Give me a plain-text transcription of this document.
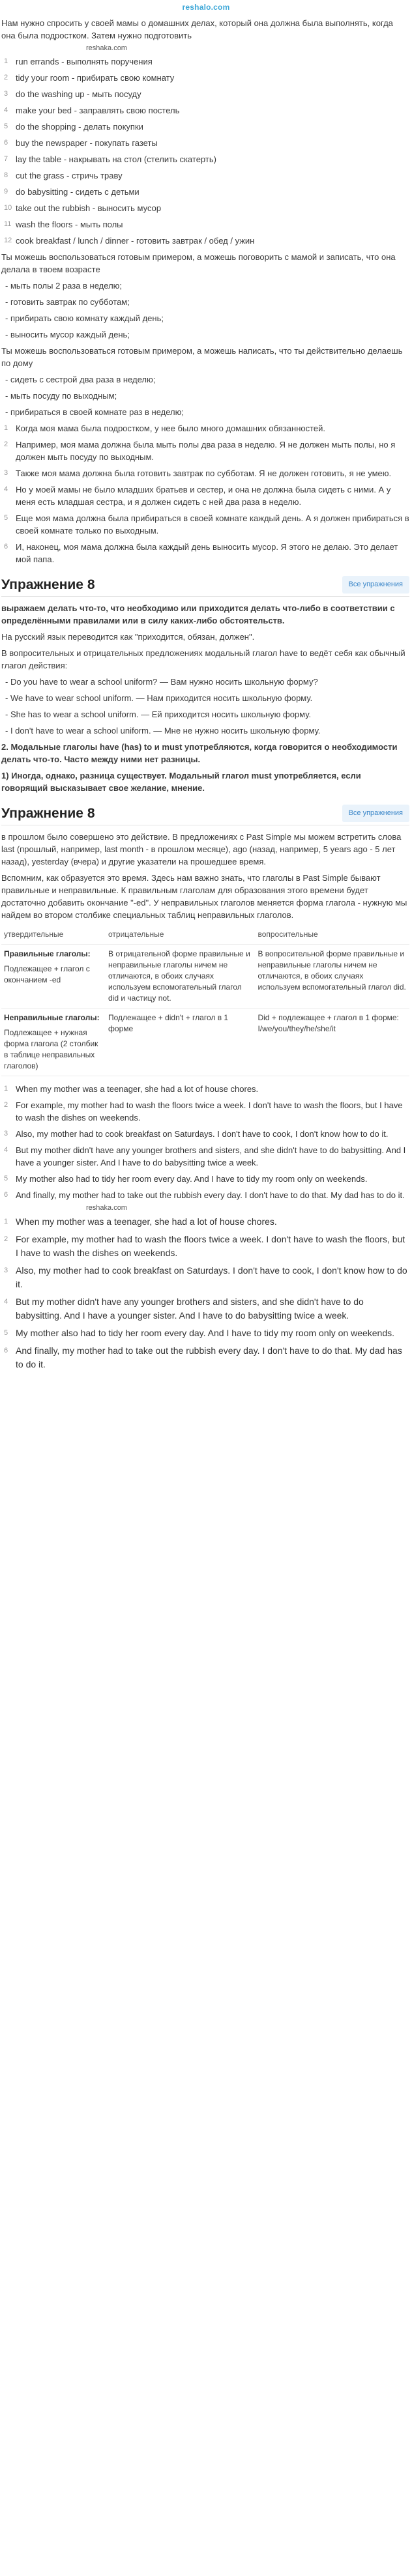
reshalo.com

Нам нужно спросить у своей мамы о домашних делах, который она должна была выполнять, когда она была подростком. Затем нужно подготовить

reshaka.com
1 run errands - выполнять поручения
2 tidy your room - прибирать свою комнату
3 do the washing up - мыть посуду
4 make your bed - заправлять свою постель
5 do the shopping - делать покупки
6 buy the newspaper - покупать газеты
7 lay the table - накрывать на стол (стелить скатерть)
8 cut the grass - стричь траву
9 do babysitting - сидеть с детьми
10 take out the rubbish - выносить мусор
11 wash the floors - мыть полы
12 cook breakfast / lunch / dinner - готовить завтрак / обед / ужин

Ты можешь воспользоваться готовым примером, а можешь поговорить с мамой и записать, что она делала в твоем возрасте

- мыть полы 2 раза в неделю;
- готовить завтрак по субботам;
- прибирать свою комнату каждый день;
- выносить мусор каждый день;

Ты можешь воспользоваться готовым примером, а можешь написать, что ты действительно делаешь по дому

- сидеть с сестрой два раза в неделю;
- мыть посуду по выходным;
- прибираться в своей комнате раз в неделю;
1 Когда моя мама была подростком, у нее было много домашних обязанностей.
2 Например, моя мама должна была мыть полы два раза в неделю. Я не должен мыть полы, но я должен мыть посуду по выходным.
3 Также моя мама должна была готовить завтрак по субботам. Я не должен готовить, я не умею.
4 Но у моей мамы не было младших братьев и сестер, и она не должна была сидеть с ними. А у меня есть младшая сестра, и я должен сидеть с ней два раза в неделю.
5 Еще моя мама должна была прибираться в своей комнате каждый день. А я должен прибираться в своей комнате только по выходным.
6 И, наконец, моя мама должна была каждый день выносить мусор. Я этого не делаю. Это делает мой папа.
Упражнение 8	Все упражнения

выражаем делать что-то, что необходимо или приходится делать что-либо в соответствии с определёнными правилами или в силу каких-либо обстоятельств.

На русский язык переводится как "приходится, обязан, должен".

В вопросительных и отрицательных предложениях модальный глагол have to ведёт себя как обычный глагол действия:

- Do you have to wear a school uniform? — Вам нужно носить школьную форму?
- We have to wear school uniform. — Нам приходится носить школьную форму.
- She has to wear a school uniform. — Ей приходится носить школьную форму.
- I don't have to wear a school uniform. — Мне не нужно носить школьную форму.

2. Модальные глаголы have (has) to и must употребляются, когда говорится о необходимости делать что-то. Часто между ними нет разницы.

1) Иногда, однако, разница существует. Модальный глагол must употребляется, если говорящий высказывает свое желание, мнение.

Упражнение 8	Все упражнения

в прошлом было совершено это действие. В предложениях с Past Simple мы можем встретить слова last (прошлый, например, last month - в прошлом месяце), ago (назад, например, 5 years ago - 5 лет назад), yesterday (вчера) и другие указатели на прошедшее время.

Вспомним, как образуется это время. Здесь нам важно знать, что глаголы в Past Simple бывают правильные и неправильные. К правильным глаголам для образования этого времени будет достаточно добавить окончание "-ed". У неправильных глаголов меняется форма глагола - нужную мы найдем во втором столбике специальных таблиц неправильных глаголов.

утвердительные	отрицательные	вопросительные

Правильные глаголы:
Подлежащее + глагол с окончанием -ed	В отрицательной форме правильные и неправильные глаголы ничем не отличаются, в обоих случаях используем вспомогательный глагол did и частицу not.	В вопросительной форме правильные и неправильные глаголы ничем не отличаются, в обоих случаях используем вспомогательный глагол did.

Неправильные глаголы:
Подлежащее + нужная форма глагола (2 столбик в таблице неправильных глаголов)	Подлежащее + didn't + глагол в 1 форме	Did + подлежащее + глагол в 1 форме: I/we/you/they/he/she/it
1 When my mother was a teenager, she had a lot of house chores.
2 For example, my mother had to wash the floors twice a week. I don't have to wash the floors, but I have to wash the dishes on weekends.
3 Also, my mother had to cook breakfast on Saturdays. I don't have to cook, I don't know how to do it.
4 But my mother didn't have any younger brothers and sisters, and she didn't have to do babysitting. And I have a younger sister. And I have to do babysitting twice a week.
5 My mother also had to tidy her room every day. And I have to tidy my room only on weekends.
6 And finally, my mother had to take out the rubbish every day. I don't have to do that. My dad has to do it.
reshaka.com
1 When my mother was a teenager, she had a lot of house chores.
2 For example, my mother had to wash the floors twice a week. I don't have to wash the floors, but I have to wash the dishes on weekends.
3 Also, my mother had to cook breakfast on Saturdays. I don't have to cook, I don't know how to do it.
4 But my mother didn't have any younger brothers and sisters, and she didn't have to do babysitting. And I have a younger sister. And I have to do babysitting twice a week.
5 My mother also had to tidy her room every day. And I have to tidy my room only on weekends.
6 And finally, my mother had to take out the rubbish every day. I don't have to do that. My dad has to do it.
